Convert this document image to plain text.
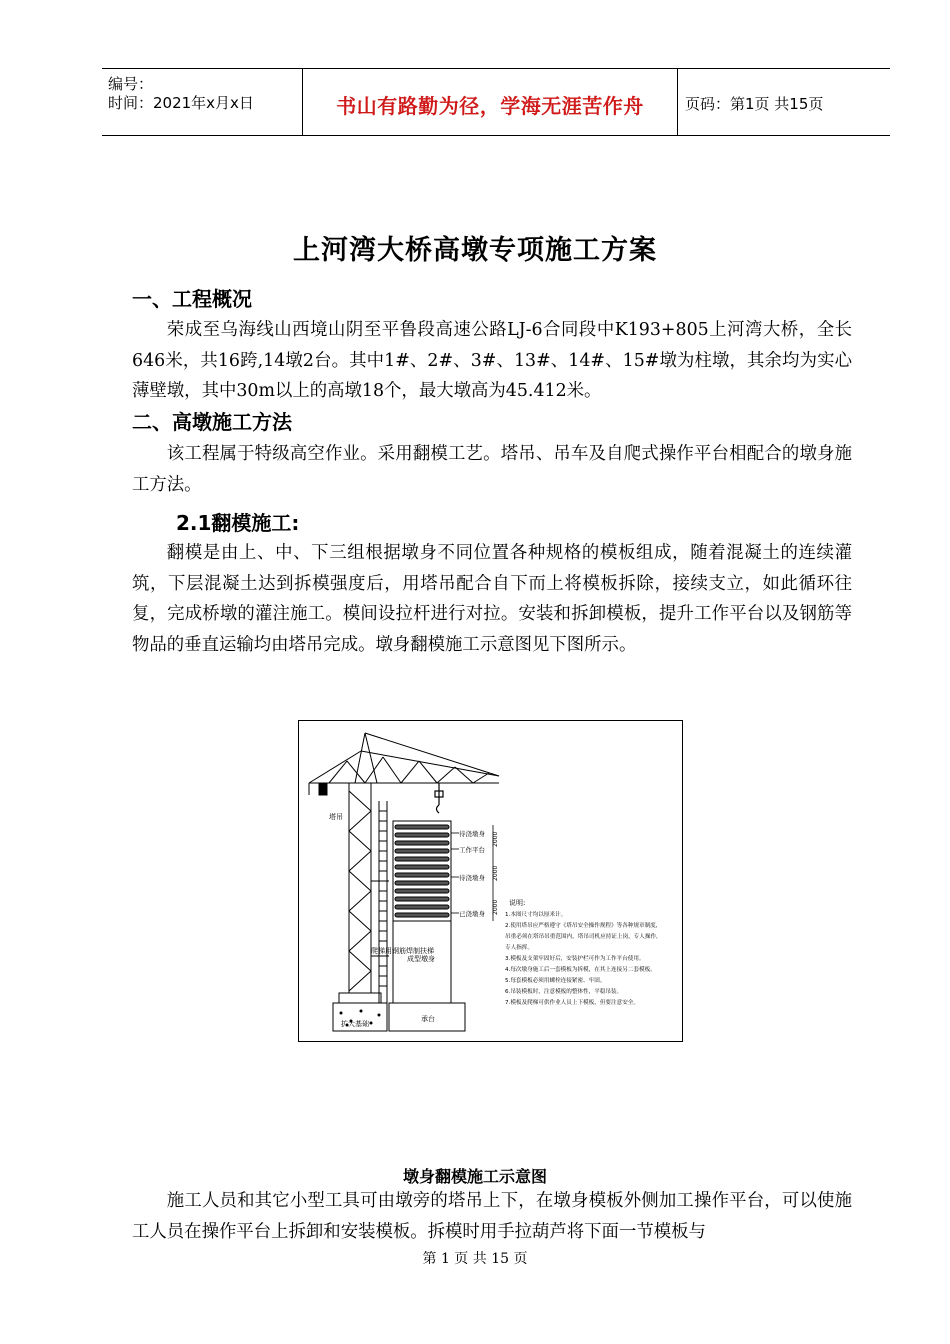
编号：
时间：2021年x月x日	书山有路勤为径，学海无涯苦作舟	页码：第1页 共15页
上河湾大桥高墩专项施工方案
一、工程概况
荣成至乌海线山西境山阴至平鲁段高速公路LJ-6合同段中K193+805上河湾大桥，全长646米，共16跨,14墩2台。其中1#、2#、3#、13#、14#、15#墩为柱墩，其余均为实心薄壁墩，其中30m以上的高墩18个，最大墩高为45.412米。
二、高墩施工方法
该工程属于特级高空作业。采用翻模工艺。塔吊、吊车及自爬式操作平台相配合的墩身施工方法。
2.1翻模施工:
翻模是由上、中、下三组根据墩身不同位置各种规格的模板组成，随着混凝土的连续灌筑，下层混凝土达到拆模强度后，用塔吊配合自下而上将模板拆除，接续支立，如此循环往复，完成桥墩的灌注施工。模间设拉杆进行对拉。安装和拆卸模板，提升工作平台以及钢筋等物品的垂直运输均由塔吊完成。墩身翻模施工示意图见下图所示。
扩大基础
塔吊
爬梯用钢筋焊制扶梯
成型墩身
承台
待浇墩身
工作平台
待浇墩身
已浇墩身
2000
2000
2000 说明:
1.本图尺寸均以厘米计。
2.使用塔吊应严格遵守《塔吊安全操作规程》等各种规章制度,
吊重必须在塔吊吊重范围内，塔吊司机应持证上岗，专人操作,
专人指挥。
3.模板及支架牢固好后，安装护栏可作为工作平台使用。
4.每次墩身施工后一套模板为拆模，在其上连接另二套模板。
5.每套模板必须用螺栓连接紧密、牢固。
6.吊装模板时，注意模板的整体性，平稳吊装。
7.模板及爬梯可供作业人员上下模板，但要注意安全。
墩身翻模施工示意图
施工人员和其它小型工具可由墩旁的塔吊上下，在墩身模板外侧加工操作平台，可以使施工人员在操作平台上拆卸和安装模板。拆模时用手拉葫芦将下面一节模板与
第 1 页 共 15 页
